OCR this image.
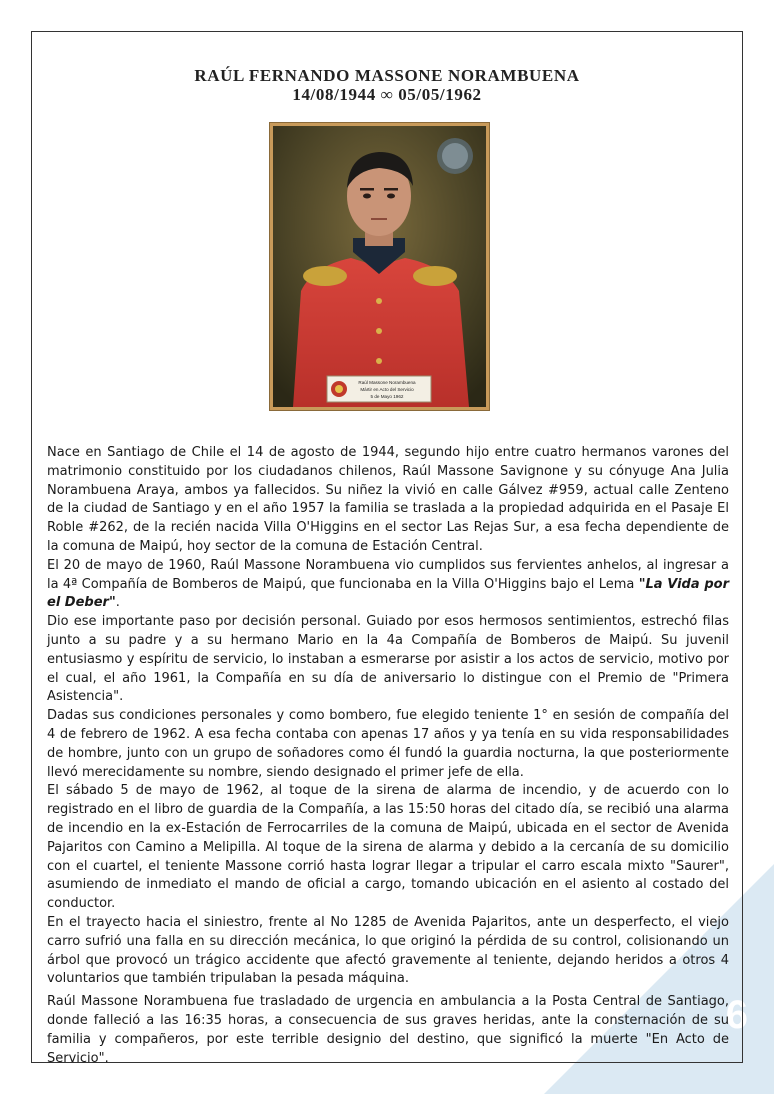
6
RAÚL FERNANDO MASSONE NORAMBUENA
14/08/1944 ∞ 05/05/1962
Raúl Massone Norambuena
Mártir en Acto del Servicio
5 de Mayo 1962

Nace en Santiago de Chile el 14 de agosto de 1944, segundo hijo entre cuatro hermanos varones del matrimonio constituido por los ciudadanos chilenos, Raúl Massone Savignone y su cónyuge Ana Julia Norambuena Araya, ambos ya fallecidos. Su niñez la vivió en calle Gálvez #959, actual calle Zenteno de la ciudad de Santiago y en el año 1957 la familia se traslada a la propiedad adquirida en el Pasaje El Roble #262, de la recién nacida Villa O'Higgins en el sector Las Rejas Sur, a esa fecha dependiente de la comuna de Maipú, hoy sector de la comuna de Estación Central.

El 20 de mayo de 1960, Raúl Massone Norambuena vio cumplidos sus fervientes anhelos, al ingresar a la 4ª Compañía de Bomberos de Maipú, que funcionaba en la Villa O'Higgins bajo el Lema "La Vida por el Deber".

Dio ese importante paso por decisión personal. Guiado por esos hermosos sentimientos, estrechó filas junto a su padre y a su hermano Mario en la 4a Compañía de Bomberos de Maipú. Su juvenil entusiasmo y espíritu de servicio, lo instaban a esmerarse por asistir a los actos de servicio, motivo por el cual, el año 1961, la Compañía en su día de aniversario lo distingue con el Premio de "Primera Asistencia".

Dadas sus condiciones personales y como bombero, fue elegido teniente 1° en sesión de compañía del 4 de febrero de 1962. A esa fecha contaba con apenas 17 años y ya tenía en su vida responsabilidades de hombre, junto con un grupo de soñadores como él fundó la guardia nocturna, la que posteriormente llevó merecidamente su nombre, siendo designado el primer jefe de ella.

El sábado 5 de mayo de 1962, al toque de la sirena de alarma de incendio, y de acuerdo con lo registrado en el libro de guardia de la Compañía, a las 15:50 horas del citado día, se recibió una alarma de incendio en la ex-Estación de Ferrocarriles de la comuna de Maipú, ubicada en el sector de Avenida Pajaritos con Camino a Melipilla. Al toque de la sirena de alarma y debido a la cercanía de su domicilio con el cuartel, el teniente Massone corrió hasta lograr llegar a tripular el carro escala mixto "Saurer", asumiendo de inmediato el mando de oficial a cargo, tomando ubicación en el asiento al costado del conductor.

En el trayecto hacia el siniestro, frente al No 1285 de Avenida Pajaritos, ante un desperfecto, el viejo carro sufrió una falla en su dirección mecánica, lo que originó la pérdida de su control, colisionando un árbol que provocó un trágico accidente que afectó gravemente al teniente, dejando heridos a otros 4 voluntarios que también tripulaban la pesada máquina.

Raúl Massone Norambuena fue trasladado de urgencia en ambulancia a la Posta Central de Santiago, donde falleció a las 16:35 horas, a consecuencia de sus graves heridas, ante la consternación de su familia y compañeros, por este terrible designio del destino, que significó la muerte "En Acto de Servicio".
